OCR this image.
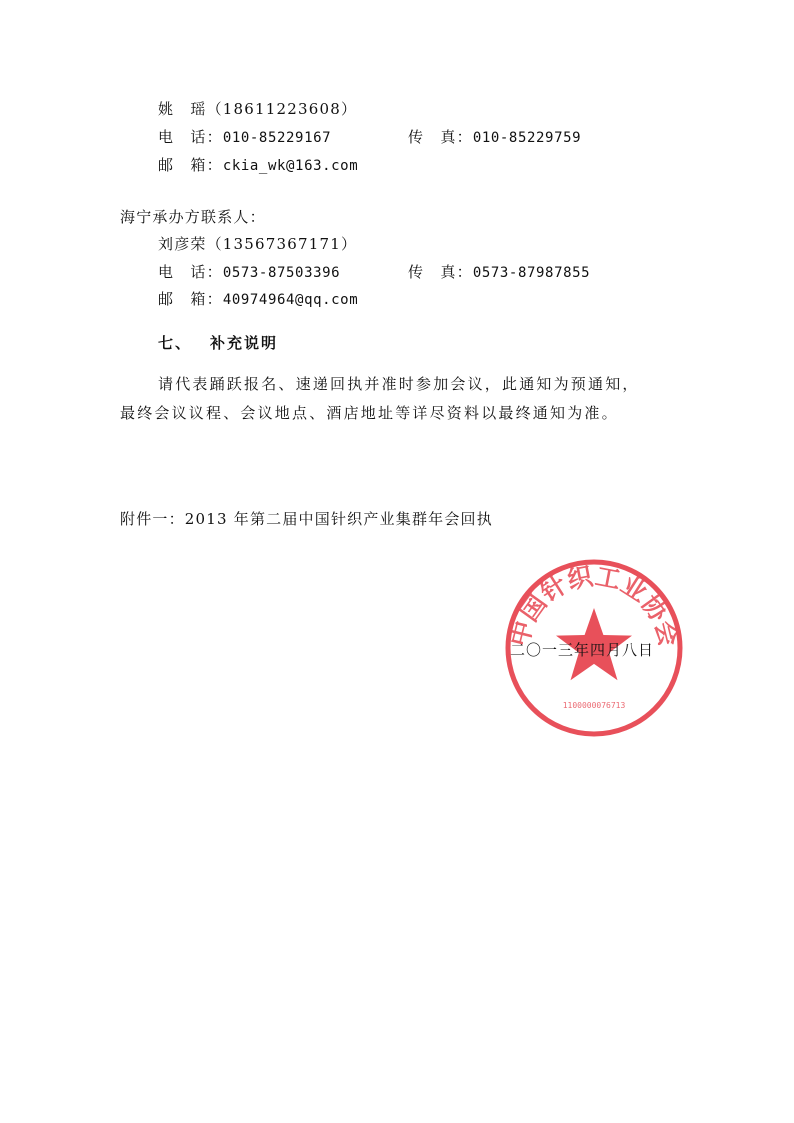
姚　瑶（18611223608）
电　话：010-85229167	传　真：010-85229759
邮　箱：ckia_wk@163.com
海宁承办方联系人：
刘彦荣（13567367171）
电　话：0573-87503396	传　真：0573-87987855
邮　箱：40974964@qq.com
七、 补充说明
请代表踊跃报名、速递回执并准时参加会议，此通知为预通知，
最终会议议程、会议地点、酒店地址等详尽资料以最终通知为准。
附件一：2013 年第二届中国针织产业集群年会回执
中国针织工业协会
1100000076713
二〇一三年四月八日
